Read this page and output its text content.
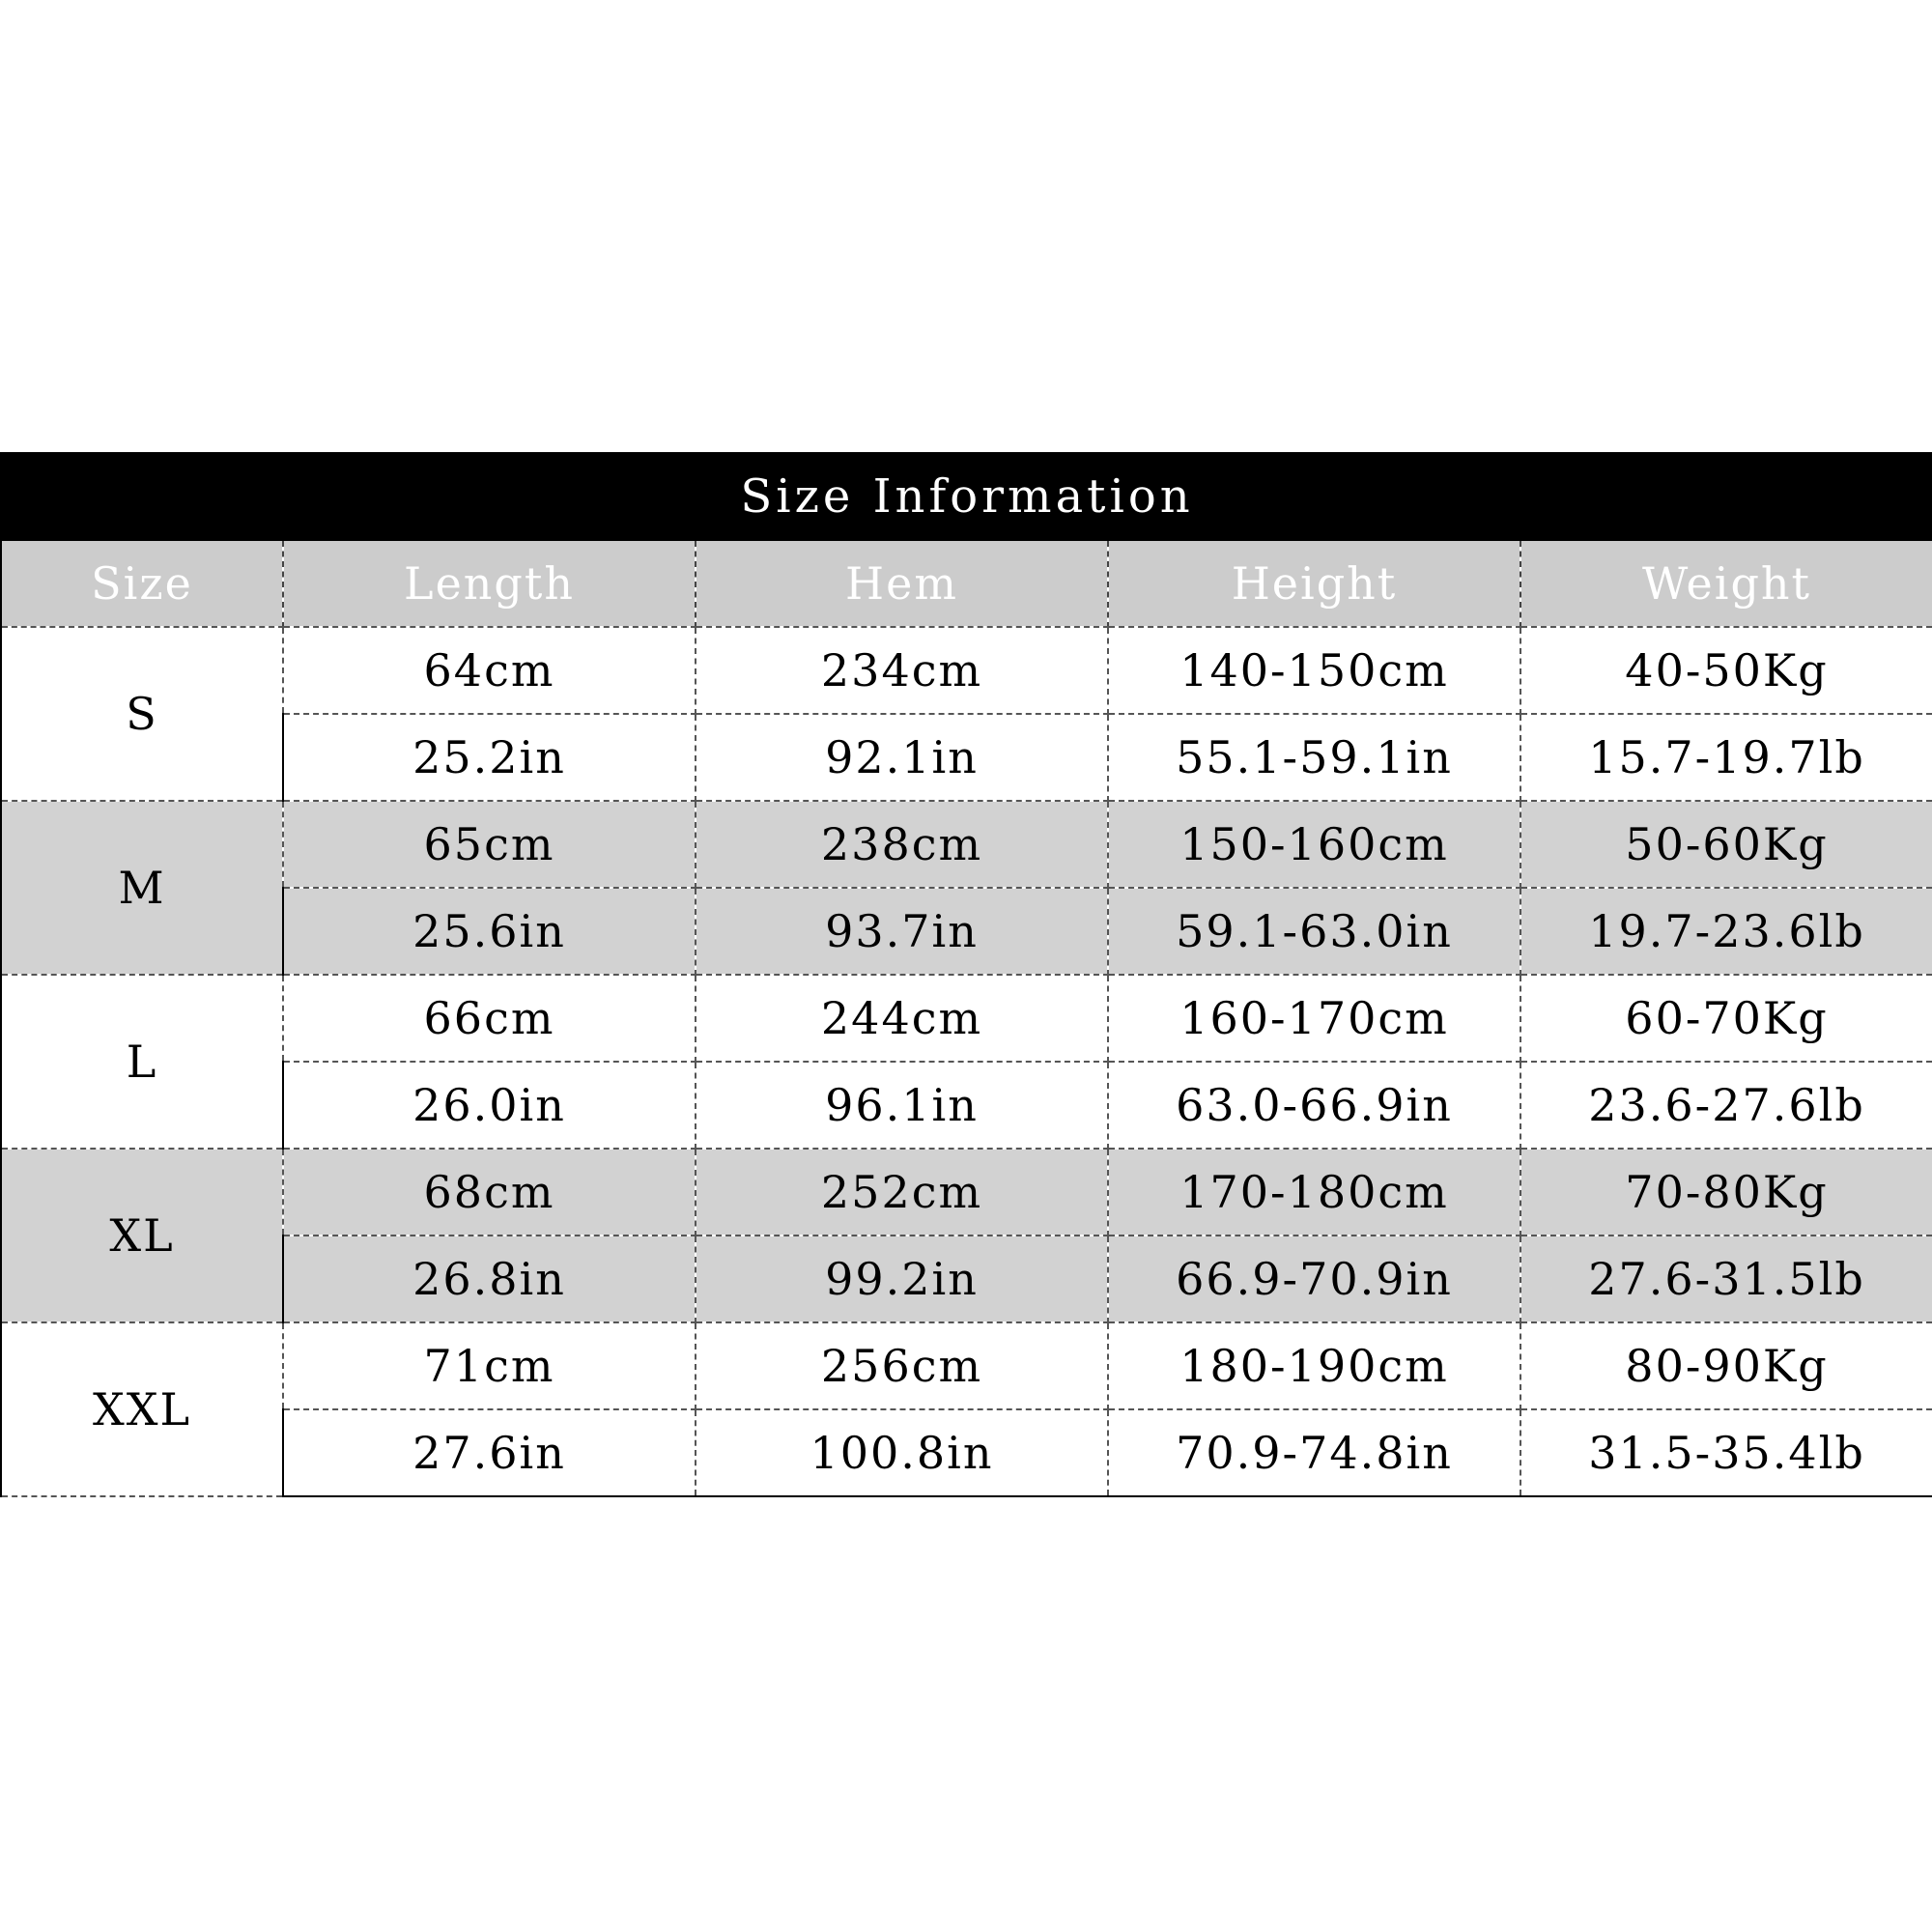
Size Information				
Size	Length	Hem	Height	Weight
S	64cm	234cm	140-150cm	40-50Kg
	25.2in	92.1in	55.1-59.1in	15.7-19.7lb
M	65cm	238cm	150-160cm	50-60Kg
	25.6in	93.7in	59.1-63.0in	19.7-23.6lb
L	66cm	244cm	160-170cm	60-70Kg
	26.0in	96.1in	63.0-66.9in	23.6-27.6lb
XL	68cm	252cm	170-180cm	70-80Kg
	26.8in	99.2in	66.9-70.9in	27.6-31.5lb
XXL	71cm	256cm	180-190cm	80-90Kg
	27.6in	100.8in	70.9-74.8in	31.5-35.4lb
